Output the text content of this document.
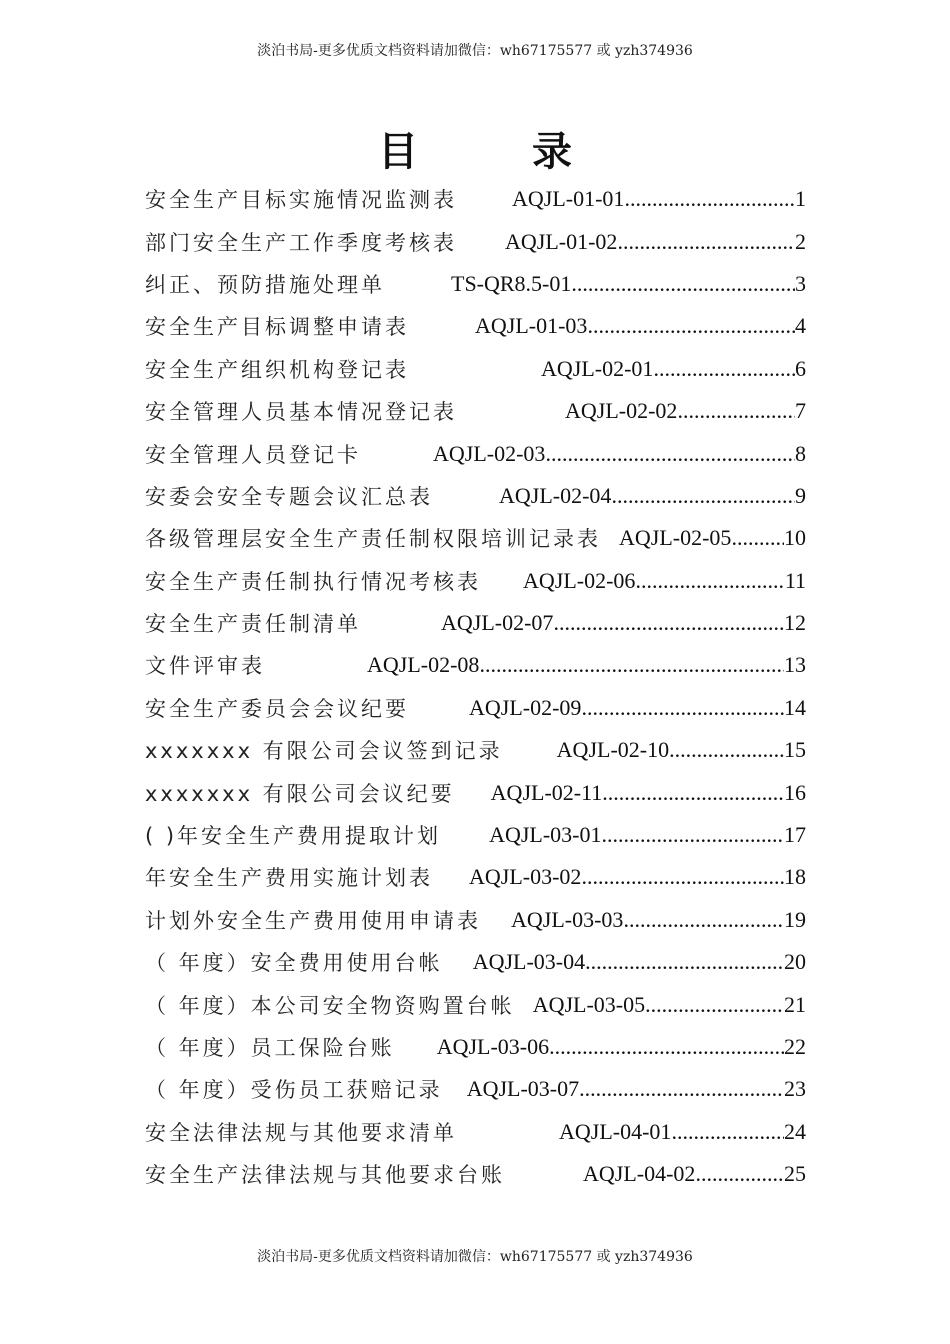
淡泊书局-更多优质文档资料请加微信：wh67175577 或 yzh374936
目 录
安全生产目标实施情况监测表	AQJL-01-01 .....	1
部门安全生产工作季度考核表 AQJL-01-02 .....	2
纠正、预防措施处理单	TS-QR8.5-01 .....	3
安全生产目标调整申请表	AQJL-01-03 .....	4
安全生产组织机构登记表	AQJL-02-01 .....	6
安全管理人员基本情况登记表	AQJL-02-02 .....	7
安全管理人员登记卡	AQJL-02-03 .....	8
安委会安全专题会议汇总表	AQJL-02-04 .....	9
各级管理层安全生产责任制权限培训记录表 AQJL-02-05 ..... 10
安全生产责任制执行情况考核表 AQJL-02-06 .....	11
安全生产责任制清单	AQJL-02-07 .....	12
文件评审表	AQJL-02-08 .....	13
安全生产委员会会议纪要	AQJL-02-09 .....	14
xxxxxxx 有限公司会议签到记录 AQJL-02-10 .....	15
xxxxxxx 有限公司会议纪要 AQJL-02-11 .....	16
( )年安全生产费用提取计划 AQJL-03-01 .....	17
年安全生产费用实施计划表 AQJL-03-02 .....	18
计划外安全生产费用使用申请表 AQJL-03-03 .....	19
（ 年度）安全费用使用台帐 AQJL-03-04 .....	20
（ 年度）本公司安全物资购置台帐 AQJL-03-05 .....	21
（ 年度）员工保险台账 AQJL-03-06 .....	22
（ 年度）受伤员工获赔记录 AQJL-03-07 .....	23
安全法律法规与其他要求清单	AQJL-04-01 .....	24
安全生产法律法规与其他要求台账	AQJL-04-02 .....	25
淡泊书局-更多优质文档资料请加微信：wh67175577 或 yzh374936
